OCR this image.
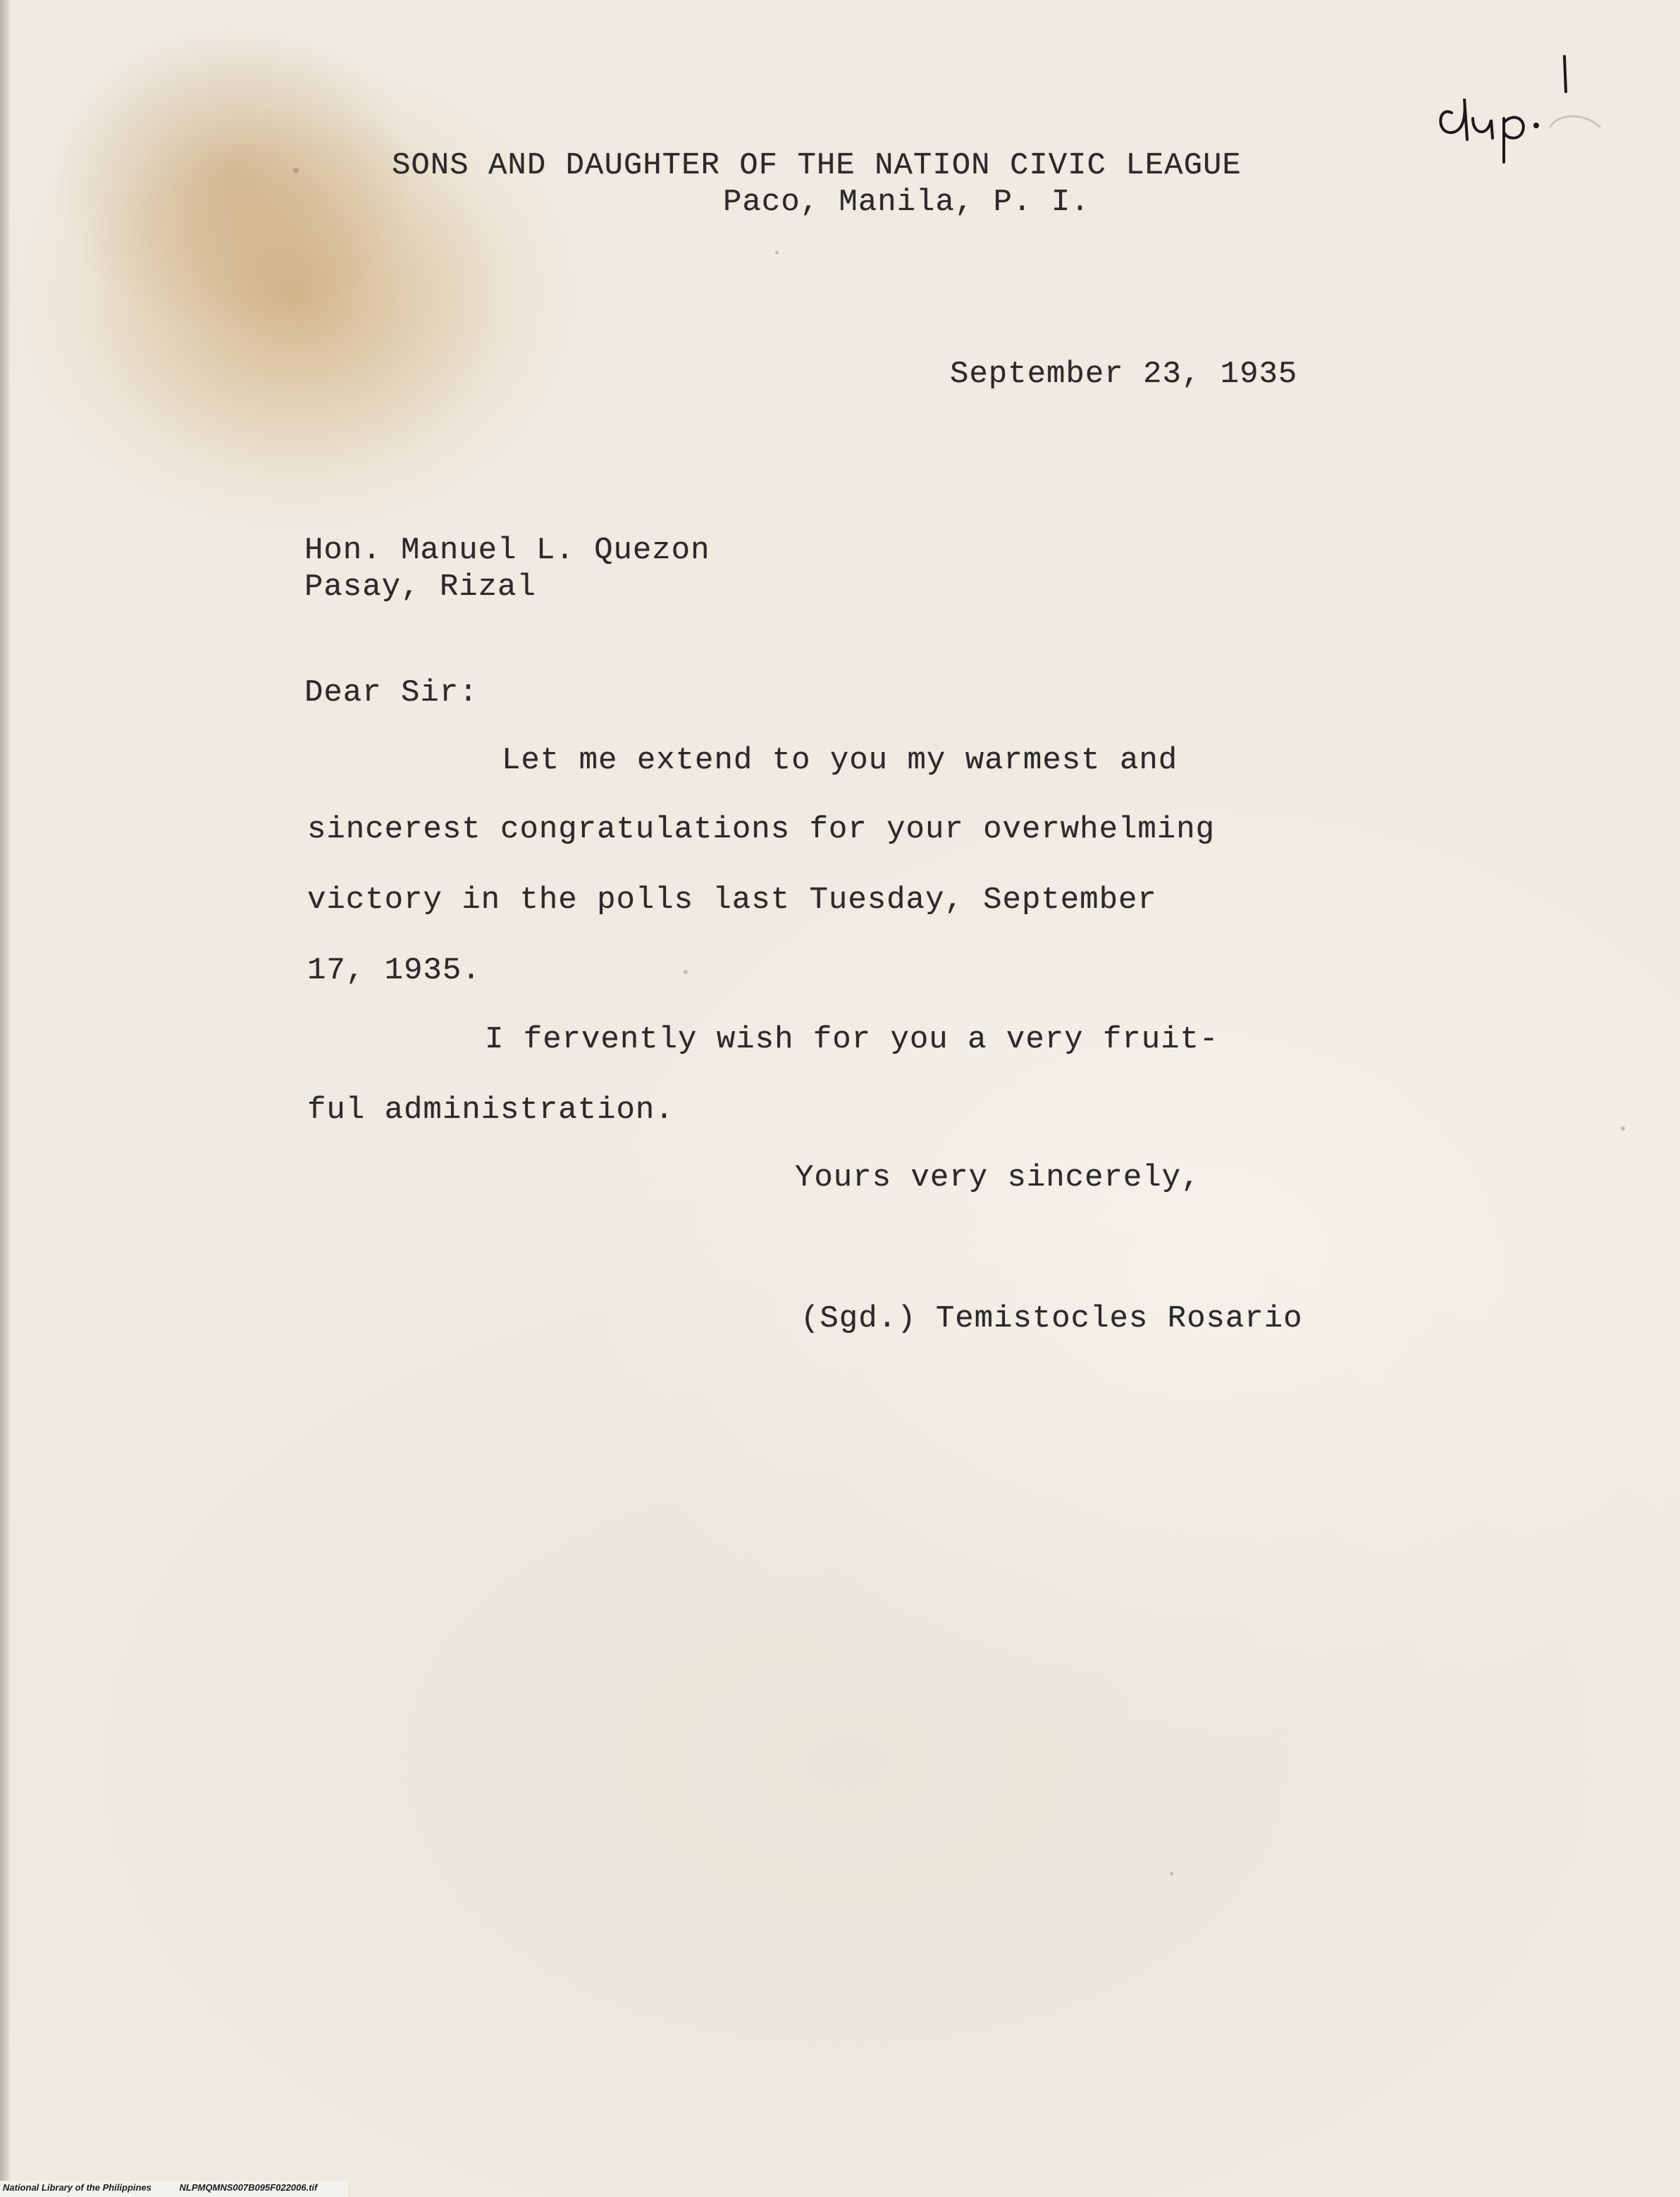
SONS AND DAUGHTER OF THE NATION CIVIC LEAGUE
Paco, Manila, P. I.
September 23, 1935
Hon. Manuel L. Quezon
Pasay, Rizal
Dear Sir:
Let me extend to you my warmest and
sincerest congratulations for your overwhelming
victory in the polls last Tuesday, September
17, 1935.
I fervently wish for you a very fruit-
ful administration.
Yours very sincerely,
(Sgd.) Temistocles Rosario
National Library of the Philippines	NLPMQMNS007B095F022006.tif
